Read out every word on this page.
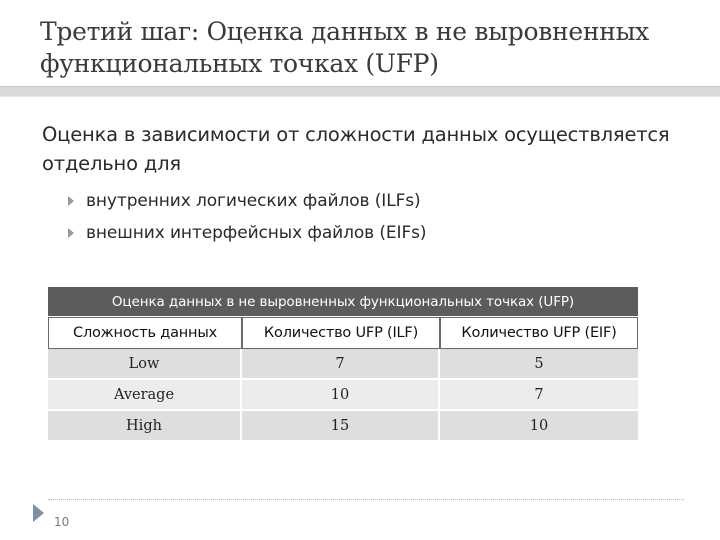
Третий шаг: Оценка данных в не выровненных функциональных точках (UFP)
Оценка в зависимости от сложности данных осуществляется отдельно для
внутренних логических файлов (ILFs)
внешних интерфейсных файлов (EIFs)
Оценка данных в не выровненных функциональных точках (UFP)		
Сложность данных	Количество UFP (ILF)	Количество UFP (EIF)
Low	7	5
Average	10	7
High	15	10
10
